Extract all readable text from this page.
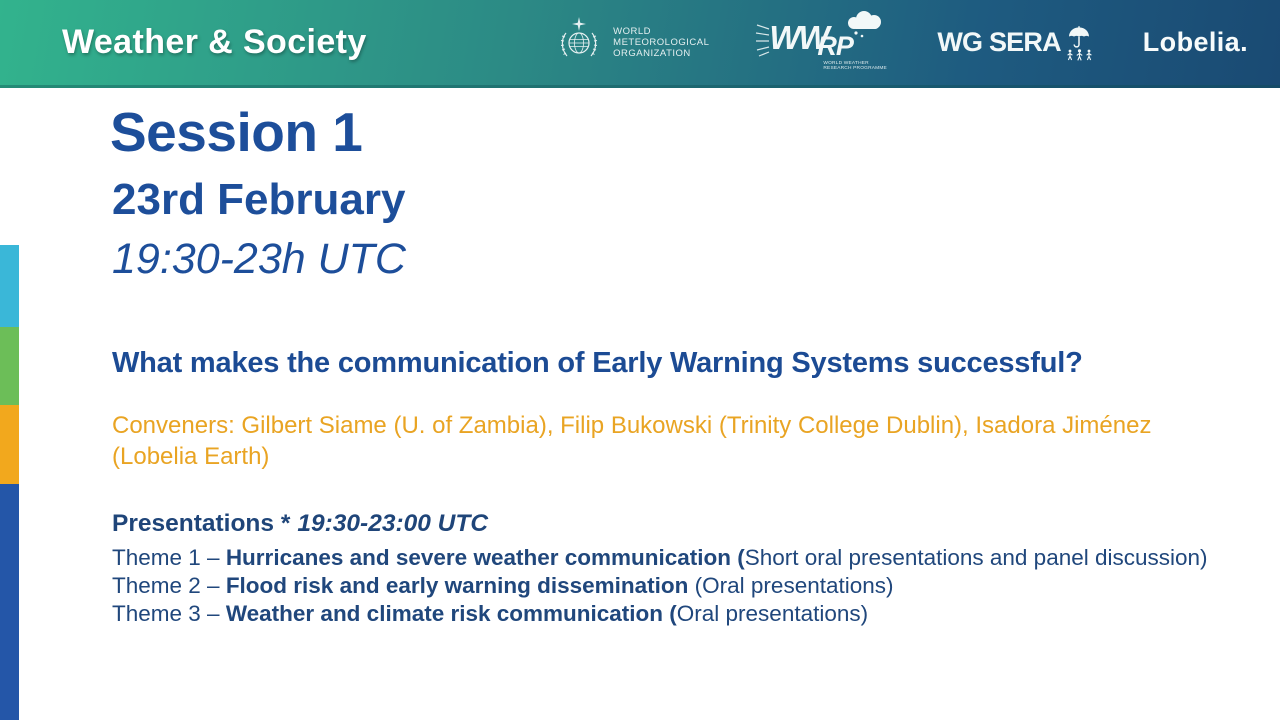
Weather & Society	WORLD
METEOROLOGICAL
ORGANIZATION	WW
RP
WORLD WEATHER
RESEARCH PROGRAMME
WG SERA	Lobelia.
Session 1
23rd February
19:30-23h UTC

What makes the communication of Early Warning Systems successful?

Conveners: Gilbert Siame (U. of Zambia), Filip Bukowski (Trinity College Dublin), Isadora Jiménez (Lobelia Earth)

Presentations * 19:30-23:00 UTC

Theme 1 – Hurricanes and severe weather communication (Short oral presentations and panel discussion)

Theme 2 – Flood risk and early warning dissemination (Oral presentations)

Theme 3 – Weather and climate risk communication (Oral presentations)
